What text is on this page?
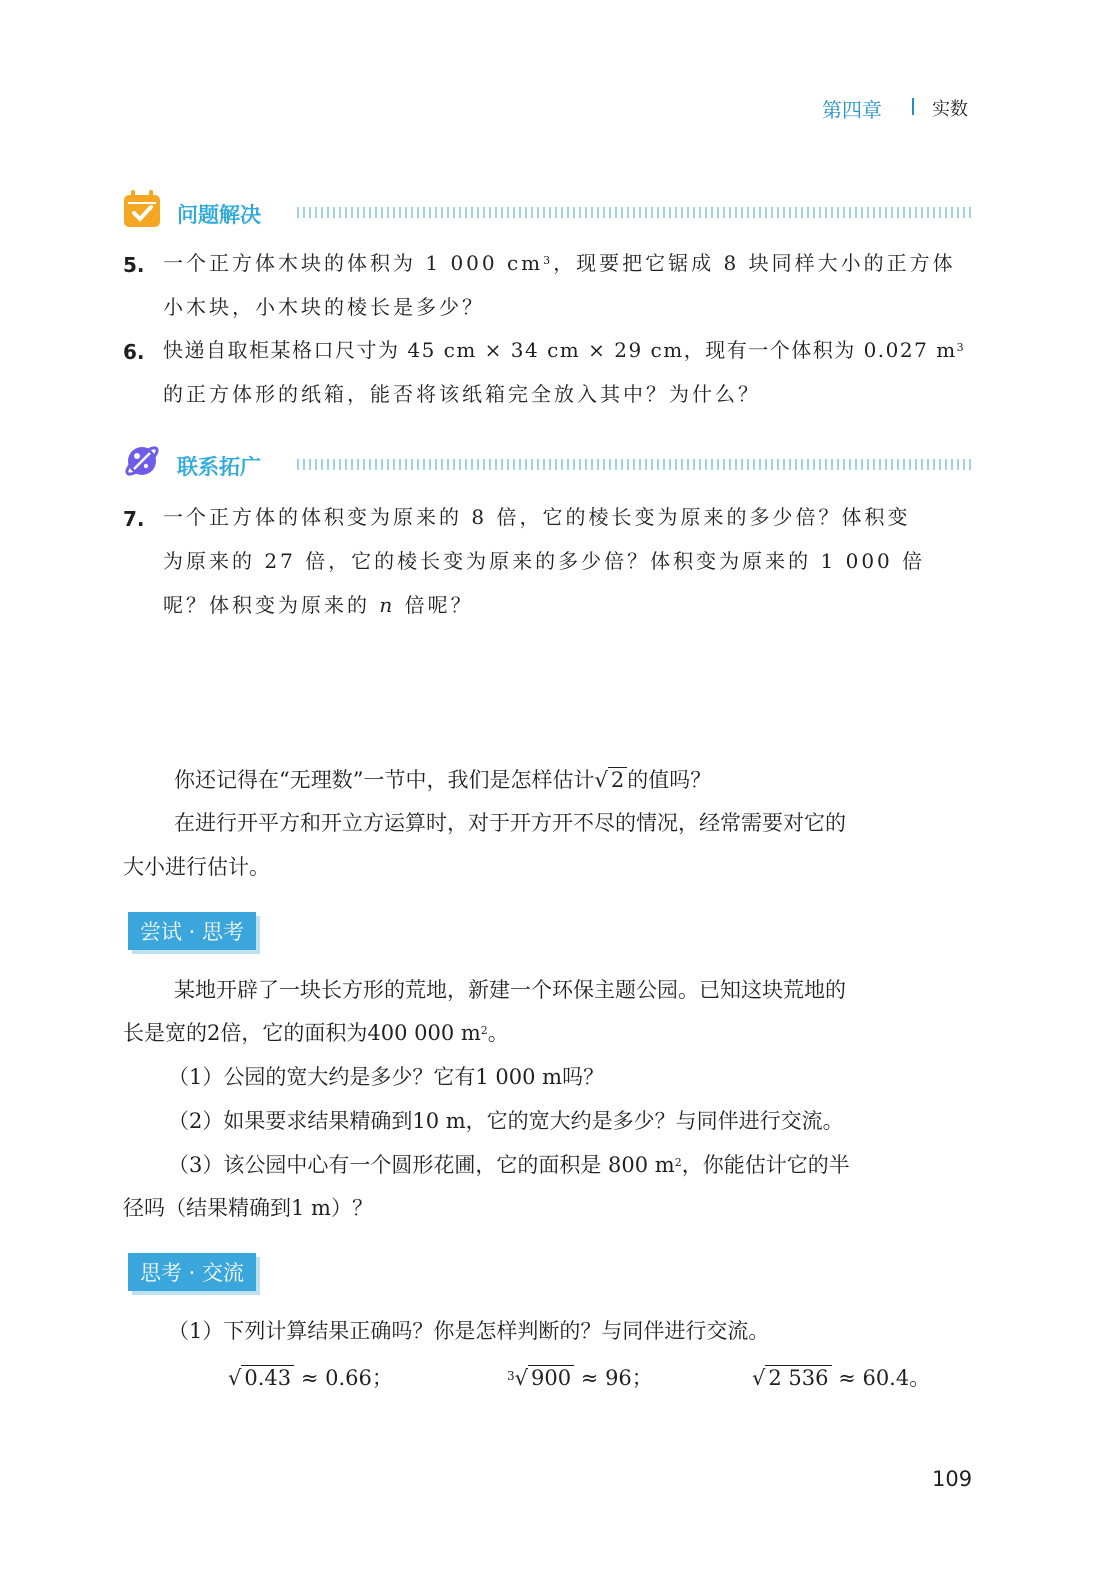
第四章	实数
问题解决
5. 一个正方体木块的体积为 1 000 $cm^3$，现要把它锯成 8 块同样大小的正方体
小木块，小木块的棱长是多少？
6. 快递自取柜某格口尺寸为 45 cm × 34 cm × 29 cm，现有一个体积为 0.027 $m^3$
的正方体形的纸箱，能否将该纸箱完全放入其中？为什么？
联系拓广
7. 一个正方体的体积变为原来的 8 倍，它的棱长变为原来的多少倍？体积变
为原来的 27 倍，它的棱长变为原来的多少倍？体积变为原来的 1 000 倍
呢？体积变为原来的 n 倍呢？
你还记得在“无理数”一节中，我们是怎样估计√ 2 的值吗？
在进行开平方和开立方运算时，对于开方开不尽的情况，经常需要对它的
大小进行估计。
尝试 · 思考
某地开辟了一块长方形的荒地，新建一个环保主题公园。已知这块荒地的
长是宽的2倍，它的面积为400 000 $m^2$。
（1）公园的宽大约是多少？它有1 000 m吗？
（2）如果要求结果精确到10 m，它的宽大约是多少？与同伴进行交流。
（3）该公园中心有一个圆形花圃，它的面积是 800 $m^2$，你能估计它的半
径吗（结果精确到1 m）？
思考 · 交流
（1）下列计算结果正确吗？你是怎样判断的？与同伴进行交流。
√ 0.43 ≈ 0.66；	$^3$√ 900 ≈ 96；	√ 2 536 ≈ 60.4。
109
